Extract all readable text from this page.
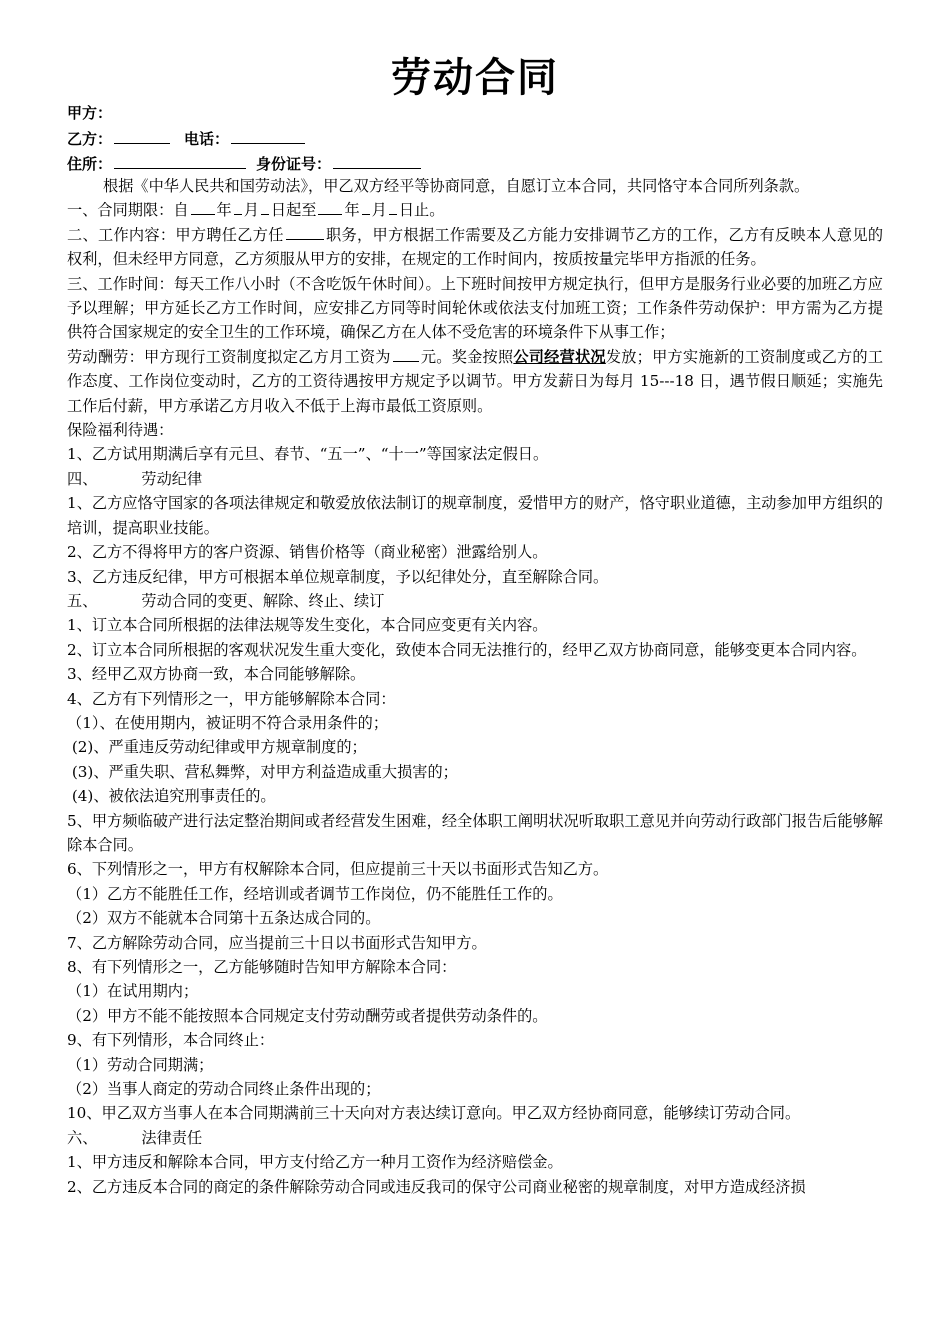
劳动合同
甲方：
乙方：	电话：
住所：	身份证号：

根据《中华人民共和国劳动法》，甲乙双方经平等协商同意，自愿订立本合同，共同恪守本合同所列条款。

一、合同期限：自 年 月 日起至 年 月 日止。

二、工作内容：甲方聘任乙方任	职务，甲方根据工作需要及乙方能力安排调节乙方的工作，乙方有反映本人意见的权利，但未经甲方同意，乙方须服从甲方的安排，在规定的工作时间内，按质按量完毕甲方指派的任务。

三、工作时间：每天工作八小时（不含吃饭午休时间）。上下班时间按甲方规定执行，但甲方是服务行业必要的加班乙方应予以理解；甲方延长乙方工作时间，应安排乙方同等时间轮休或依法支付加班工资；工作条件劳动保护：甲方需为乙方提供符合国家规定的安全卫生的工作环境，确保乙方在人体不受危害的环境条件下从事工作；

劳动酬劳：甲方现行工资制度拟定乙方月工资为 元。奖金按照公司经营状况发放；甲方实施新的工资制度或乙方的工作态度、工作岗位变动时，乙方的工资待遇按甲方规定予以调节。甲方发薪日为每月 15---18 日，遇节假日顺延；实施先工作后付薪，甲方承诺乙方月收入不低于上海市最低工资原则。

保险福利待遇：

1、乙方试用期满后享有元旦、春节、“五一”、“十一”等国家法定假日。

四、	劳动纪律

1、乙方应恪守国家的各项法律规定和敬爱放依法制订的规章制度，爱惜甲方的财产，恪守职业道德，主动参加甲方组织的培训，提高职业技能。

2、乙方不得将甲方的客户资源、销售价格等（商业秘密）泄露给别人。

3、乙方违反纪律，甲方可根据本单位规章制度，予以纪律处分，直至解除合同。

五、	劳动合同的变更、解除、终止、续订

1、订立本合同所根据的法律法规等发生变化，本合同应变更有关内容。

2、订立本合同所根据的客观状况发生重大变化，致使本合同无法推行的，经甲乙双方协商同意，能够变更本合同内容。

3、经甲乙双方协商一致，本合同能够解除。

4、乙方有下列情形之一，甲方能够解除本合同：

（1）、在使用期内，被证明不符合录用条件的；

(2)、严重违反劳动纪律或甲方规章制度的；

(3)、严重失职、营私舞弊，对甲方利益造成重大损害的；

(4)、被依法追究刑事责任的。

5、甲方频临破产进行法定整治期间或者经营发生困难，经全体职工阐明状况听取职工意见并向劳动行政部门报告后能够解除本合同。

6、下列情形之一，甲方有权解除本合同，但应提前三十天以书面形式告知乙方。

（1）乙方不能胜任工作，经培训或者调节工作岗位，仍不能胜任工作的。

（2）双方不能就本合同第十五条达成合同的。

7、乙方解除劳动合同，应当提前三十日以书面形式告知甲方。

8、有下列情形之一，乙方能够随时告知甲方解除本合同：

（1）在试用期内；

（2）甲方不能不能按照本合同规定支付劳动酬劳或者提供劳动条件的。

9、有下列情形，本合同终止：

（1）劳动合同期满；

（2）当事人商定的劳动合同终止条件出现的；

10、甲乙双方当事人在本合同期满前三十天向对方表达续订意向。甲乙双方经协商同意，能够续订劳动合同。

六、	法律责任

1、甲方违反和解除本合同，甲方支付给乙方一种月工资作为经济赔偿金。

2、乙方违反本合同的商定的条件解除劳动合同或违反我司的保守公司商业秘密的规章制度，对甲方造成经济损
